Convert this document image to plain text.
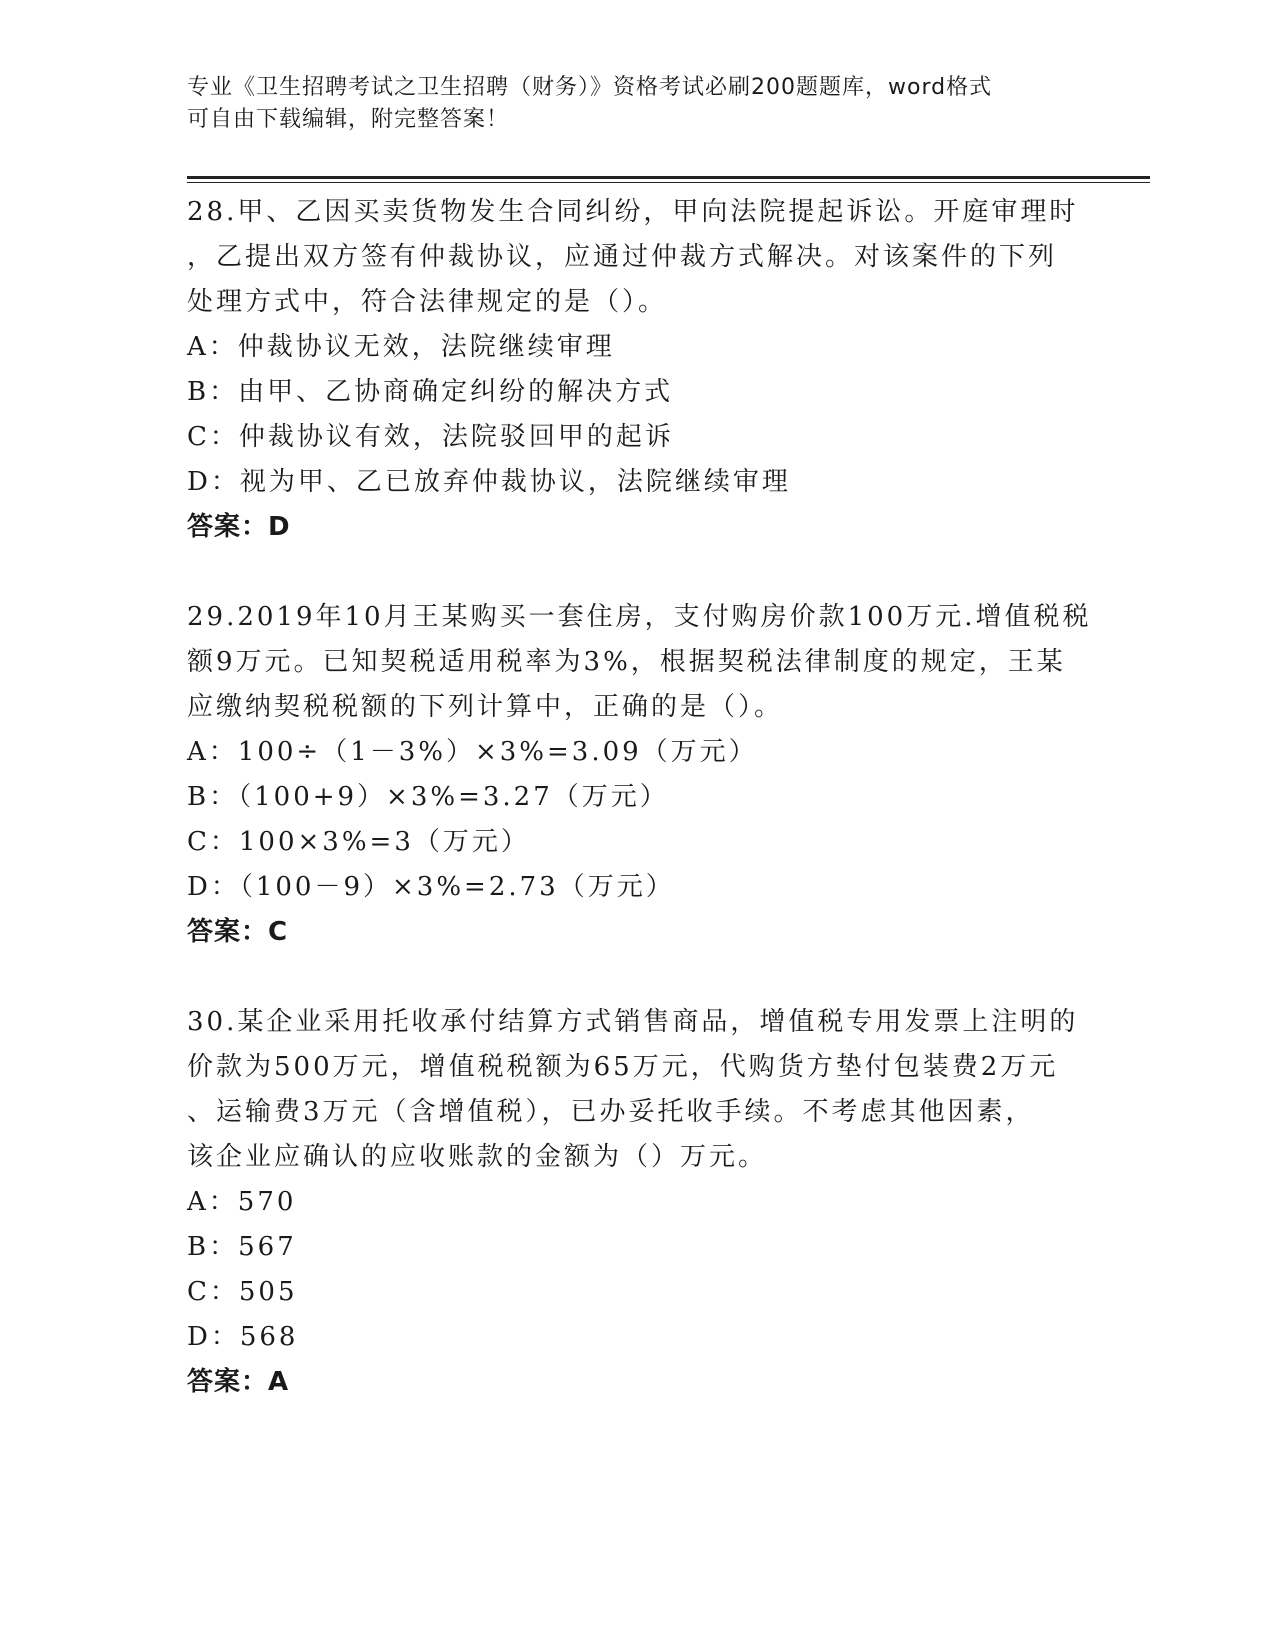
专业《卫生招聘考试之卫生招聘（财务）》资格考试必刷200题题库，word格式
可自由下载编辑，附完整答案！
28.甲、乙因买卖货物发生合同纠纷，甲向法院提起诉讼。开庭审理时
，乙提出双方签有仲裁协议，应通过仲裁方式解决。对该案件的下列
处理方式中，符合法律规定的是（）。
A：仲裁协议无效，法院继续审理
B：由甲、乙协商确定纠纷的解决方式
C：仲裁协议有效，法院驳回甲的起诉
D：视为甲、乙已放弃仲裁协议，法院继续审理
答案：D
29.2019年10月王某购买一套住房，支付购房价款100万元.增值税税
额9万元。已知契税适用税率为3%，根据契税法律制度的规定，王某
应缴纳契税税额的下列计算中，正确的是（）。
A：100÷（1－3%）×3%=3.09（万元）
B：（100+9）×3%=3.27（万元）
C：100×3%=3（万元）
D：（100－9）×3%=2.73（万元）
答案：C
30.某企业采用托收承付结算方式销售商品，增值税专用发票上注明的
价款为500万元，增值税税额为65万元，代购货方垫付包装费2万元
、运输费3万元（含增值税），已办妥托收手续。不考虑其他因素，
该企业应确认的应收账款的金额为（）万元。
A：570
B：567
C：505
D：568
答案：A
